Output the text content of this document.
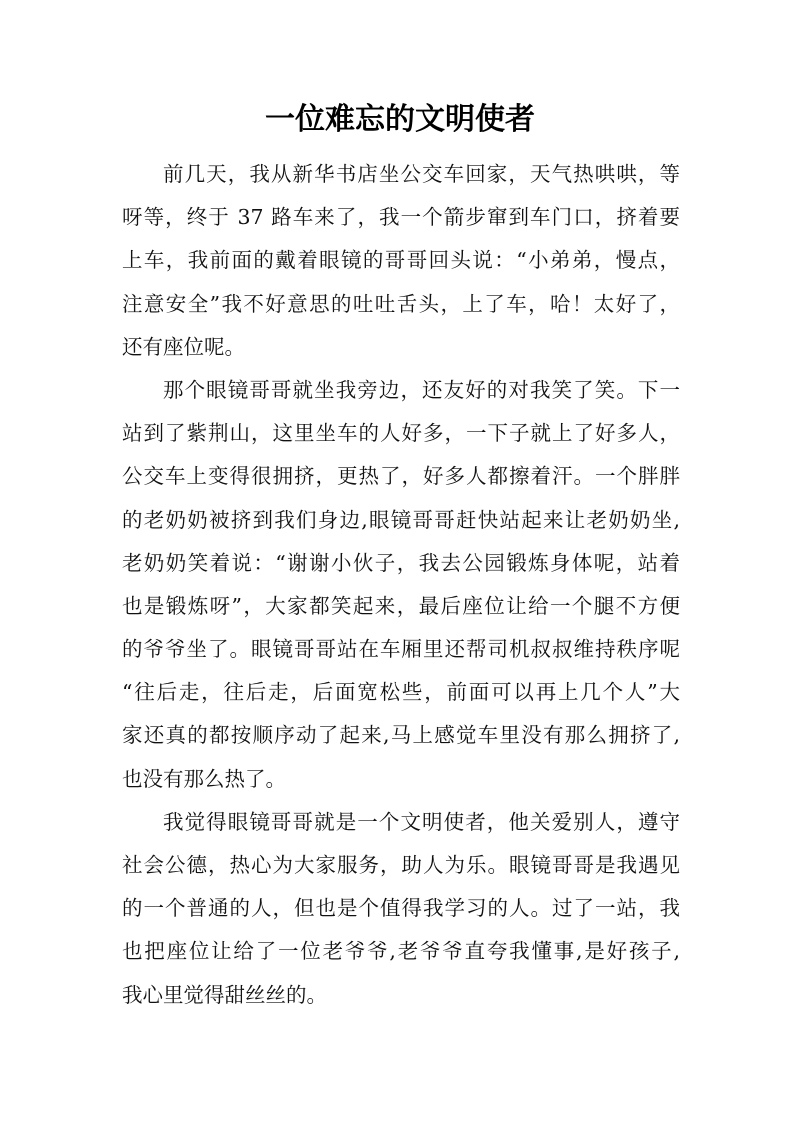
一位难忘的文明使者
前几天，我从新华书店坐公交车回家，天气热哄哄，等
呀等，终于 37 路车来了，我一个箭步窜到车门口，挤着要
上车，我前面的戴着眼镜的哥哥回头说：“小弟弟，慢点，
注意安全”我不好意思的吐吐舌头，上了车，哈！太好了，
还有座位呢。
那个眼镜哥哥就坐我旁边，还友好的对我笑了笑。下一
站到了紫荆山，这里坐车的人好多，一下子就上了好多人，
公交车上变得很拥挤，更热了，好多人都擦着汗。一个胖胖
的老奶奶被挤到我们身边,眼镜哥哥赶快站起来让老奶奶坐,
老奶奶笑着说：“谢谢小伙子，我去公园锻炼身体呢，站着
也是锻炼呀”，大家都笑起来，最后座位让给一个腿不方便
的爷爷坐了。眼镜哥哥站在车厢里还帮司机叔叔维持秩序呢
“往后走，往后走，后面宽松些，前面可以再上几个人”大
家还真的都按顺序动了起来,马上感觉车里没有那么拥挤了,
也没有那么热了。
我觉得眼镜哥哥就是一个文明使者，他关爱别人，遵守
社会公德，热心为大家服务，助人为乐。眼镜哥哥是我遇见
的一个普通的人，但也是个值得我学习的人。过了一站，我
也把座位让给了一位老爷爷,老爷爷直夸我懂事,是好孩子,
我心里觉得甜丝丝的。
